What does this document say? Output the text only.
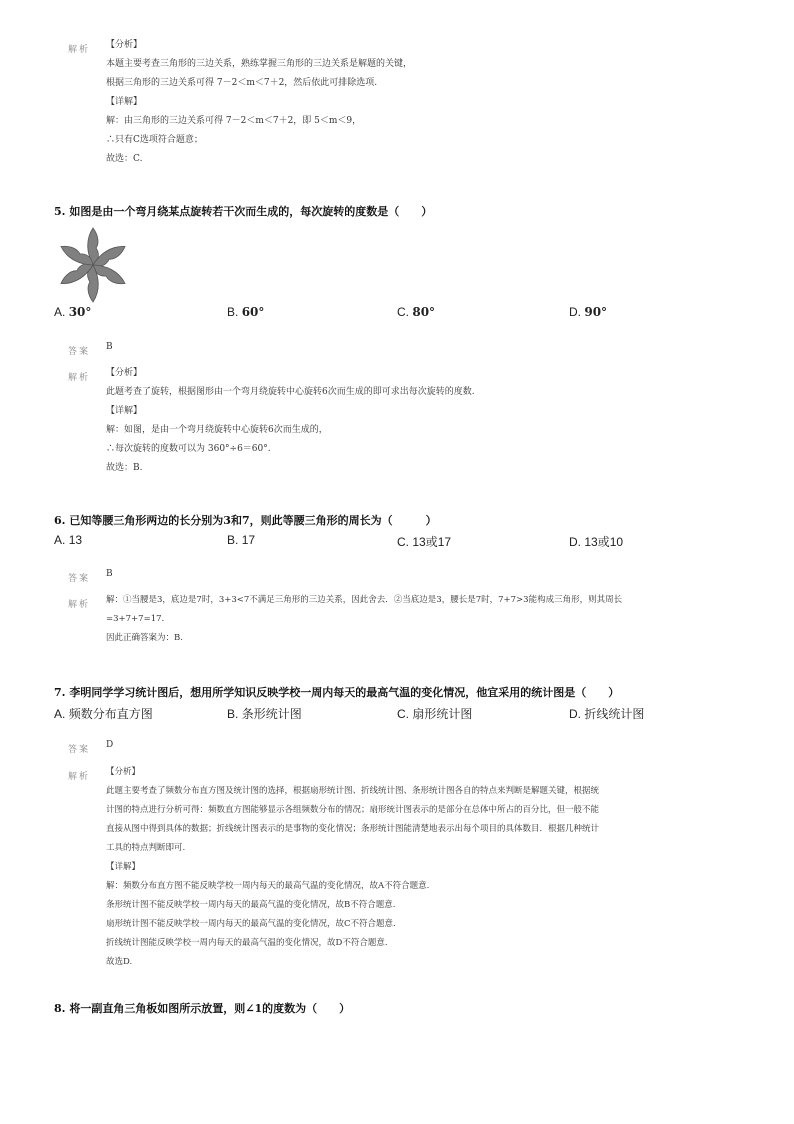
解析 【分析】
本题主要考查三角形的三边关系，熟练掌握三角形的三边关系是解题的关键，
根据三角形的三边关系可得 7－2＜m＜7＋2，然后依此可排除选项.
【详解】
解：由三角形的三边关系可得 7－2＜m＜7＋2，即 5＜m＜9，
∴只有C选项符合题意；
故选：C.
5. 如图是由一个弯月绕某点旋转若干次而生成的，每次旋转的度数是（　　）
A. 30°	B. 60°	C. 80°	D. 90°
答案 B
解析 【分析】
此题考查了旋转，根据图形由一个弯月绕旋转中心旋转6次而生成的即可求出每次旋转的度数.
【详解】
解：如图，是由一个弯月绕旋转中心旋转6次而生成的，
∴每次旋转的度数可以为 360°÷6＝60°.
故选：B.
6. 已知等腰三角形两边的长分别为3和7，则此等腰三角形的周长为（　　　）
A. 13	B. 17	C. 13或17	D. 13或10
答案 B
解析 解：①当腰是3，底边是7时，3+3<7不满足三角形的三边关系，因此舍去．②当底边是3，腰长是7时，7+7>3能构成三角形，则其周长
=3+7+7=17.
因此正确答案为：B.
7. 李明同学学习统计图后，想用所学知识反映学校一周内每天的最高气温的变化情况，他宜采用的统计图是（　　）
A. 频数分布直方图	B. 条形统计图	C. 扇形统计图	D. 折线统计图
答案 D
解析 【分析】
此题主要考查了频数分布直方图及统计图的选择，根据扇形统计图、折线统计图、条形统计图各自的特点来判断是解题关键，根据统
计图的特点进行分析可得：频数直方图能够显示各组频数分布的情况；扇形统计图表示的是部分在总体中所占的百分比，但一般不能
直接从图中得到具体的数据；折线统计图表示的是事物的变化情况；条形统计图能清楚地表示出每个项目的具体数目．根据几种统计
工具的特点判断即可.
【详解】
解：频数分布直方图不能反映学校一周内每天的最高气温的变化情况，故A不符合题意.
条形统计图不能反映学校一周内每天的最高气温的变化情况，故B不符合题意.
扇形统计图不能反映学校一周内每天的最高气温的变化情况，故C不符合题意.
折线统计图能反映学校一周内每天的最高气温的变化情况，故D不符合题意.
故选D.
8. 将一副直角三角板如图所示放置，则∠1的度数为（　　）
